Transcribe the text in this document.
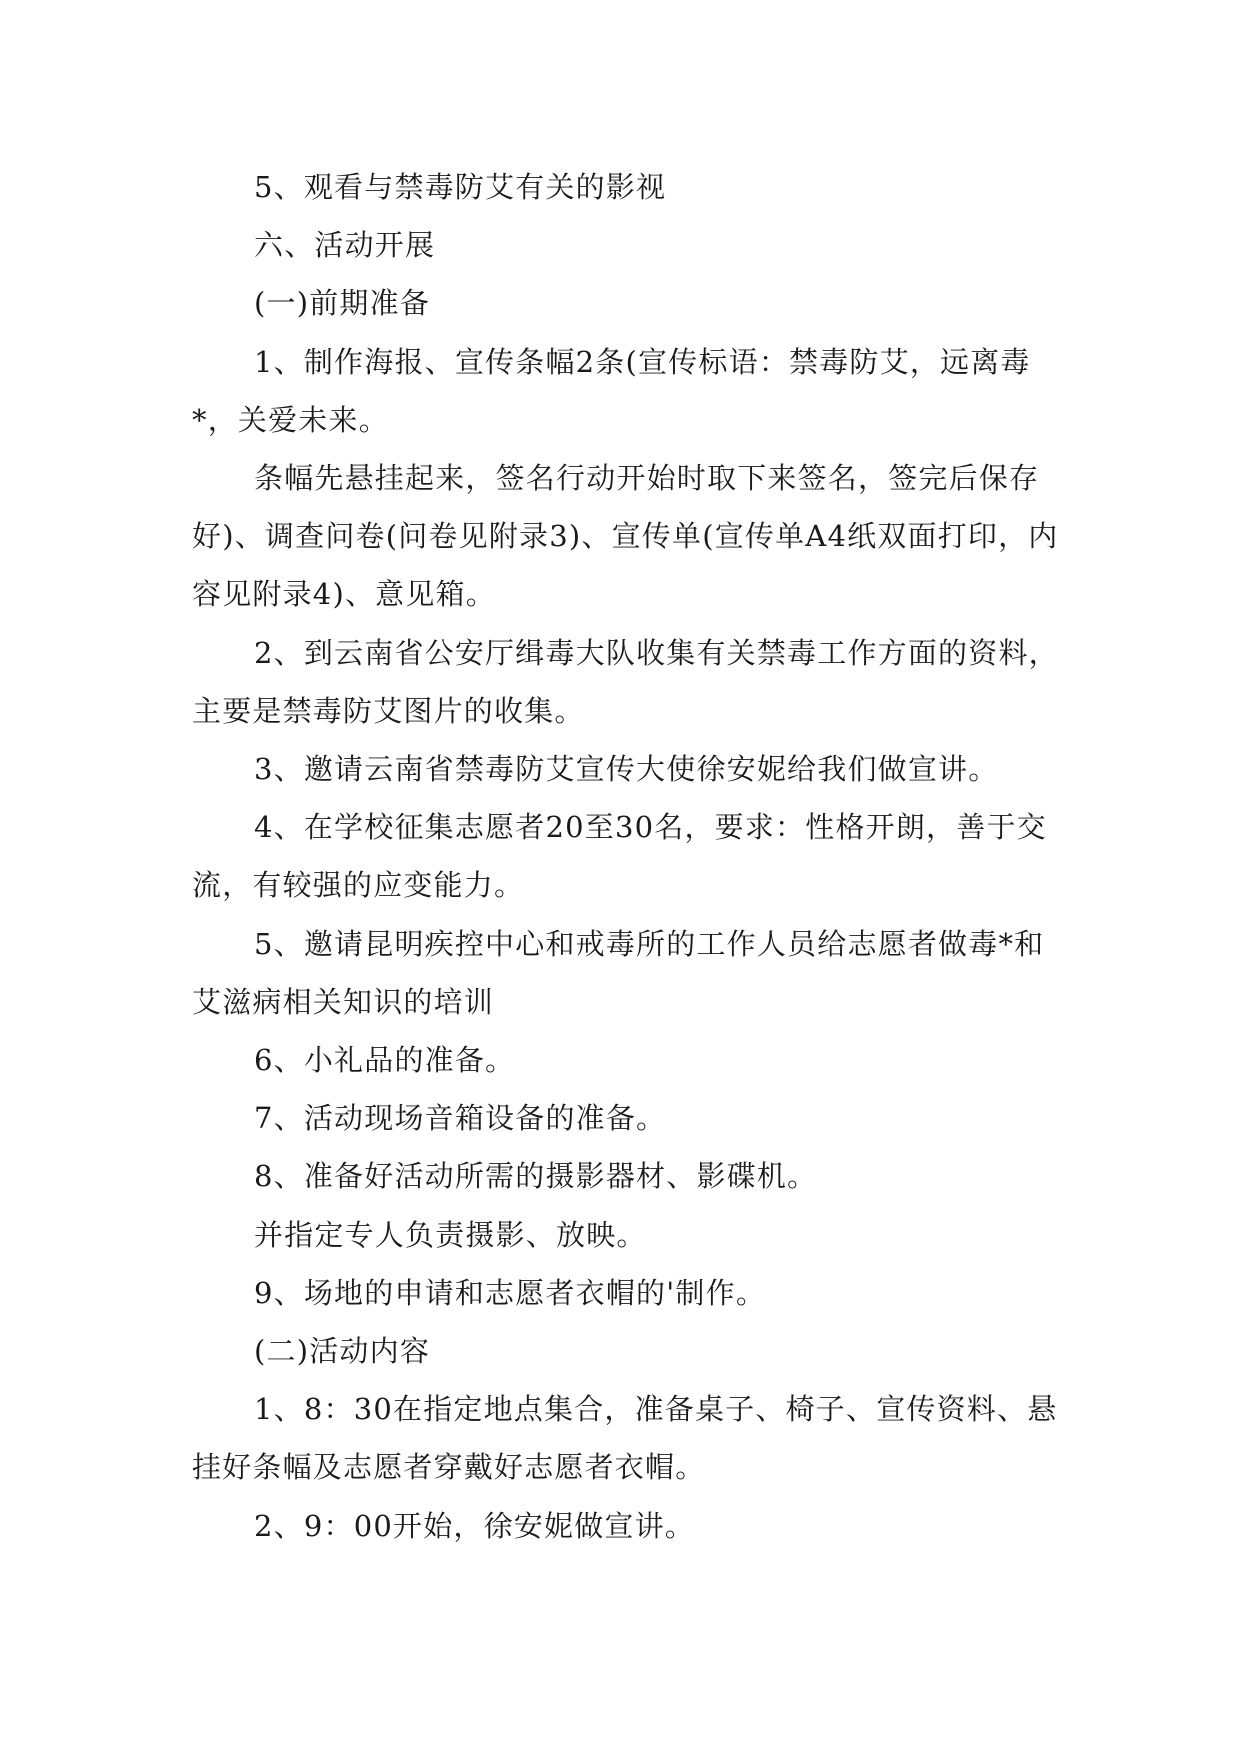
5、观看与禁毒防艾有关的影视

六、活动开展

(一)前期准备

1、制作海报、宣传条幅2条(宣传标语：禁毒防艾，远离毒*，关爱未来。

条幅先悬挂起来，签名行动开始时取下来签名，签完后保存好)、调查问卷(问卷见附录3)、宣传单(宣传单A4纸双面打印，内容见附录4)、意见箱。

2、到云南省公安厅缉毒大队收集有关禁毒工作方面的资料，主要是禁毒防艾图片的收集。

3、邀请云南省禁毒防艾宣传大使徐安妮给我们做宣讲。

4、在学校征集志愿者20至30名，要求：性格开朗，善于交流，有较强的应变能力。

5、邀请昆明疾控中心和戒毒所的工作人员给志愿者做毒*和艾滋病相关知识的培训

6、小礼品的准备。

7、活动现场音箱设备的准备。

8、准备好活动所需的摄影器材、影碟机。

并指定专人负责摄影、放映。

9、场地的申请和志愿者衣帽的'制作。

(二)活动内容

1、8：30在指定地点集合，准备桌子、椅子、宣传资料、悬挂好条幅及志愿者穿戴好志愿者衣帽。

2、9：00开始，徐安妮做宣讲。
